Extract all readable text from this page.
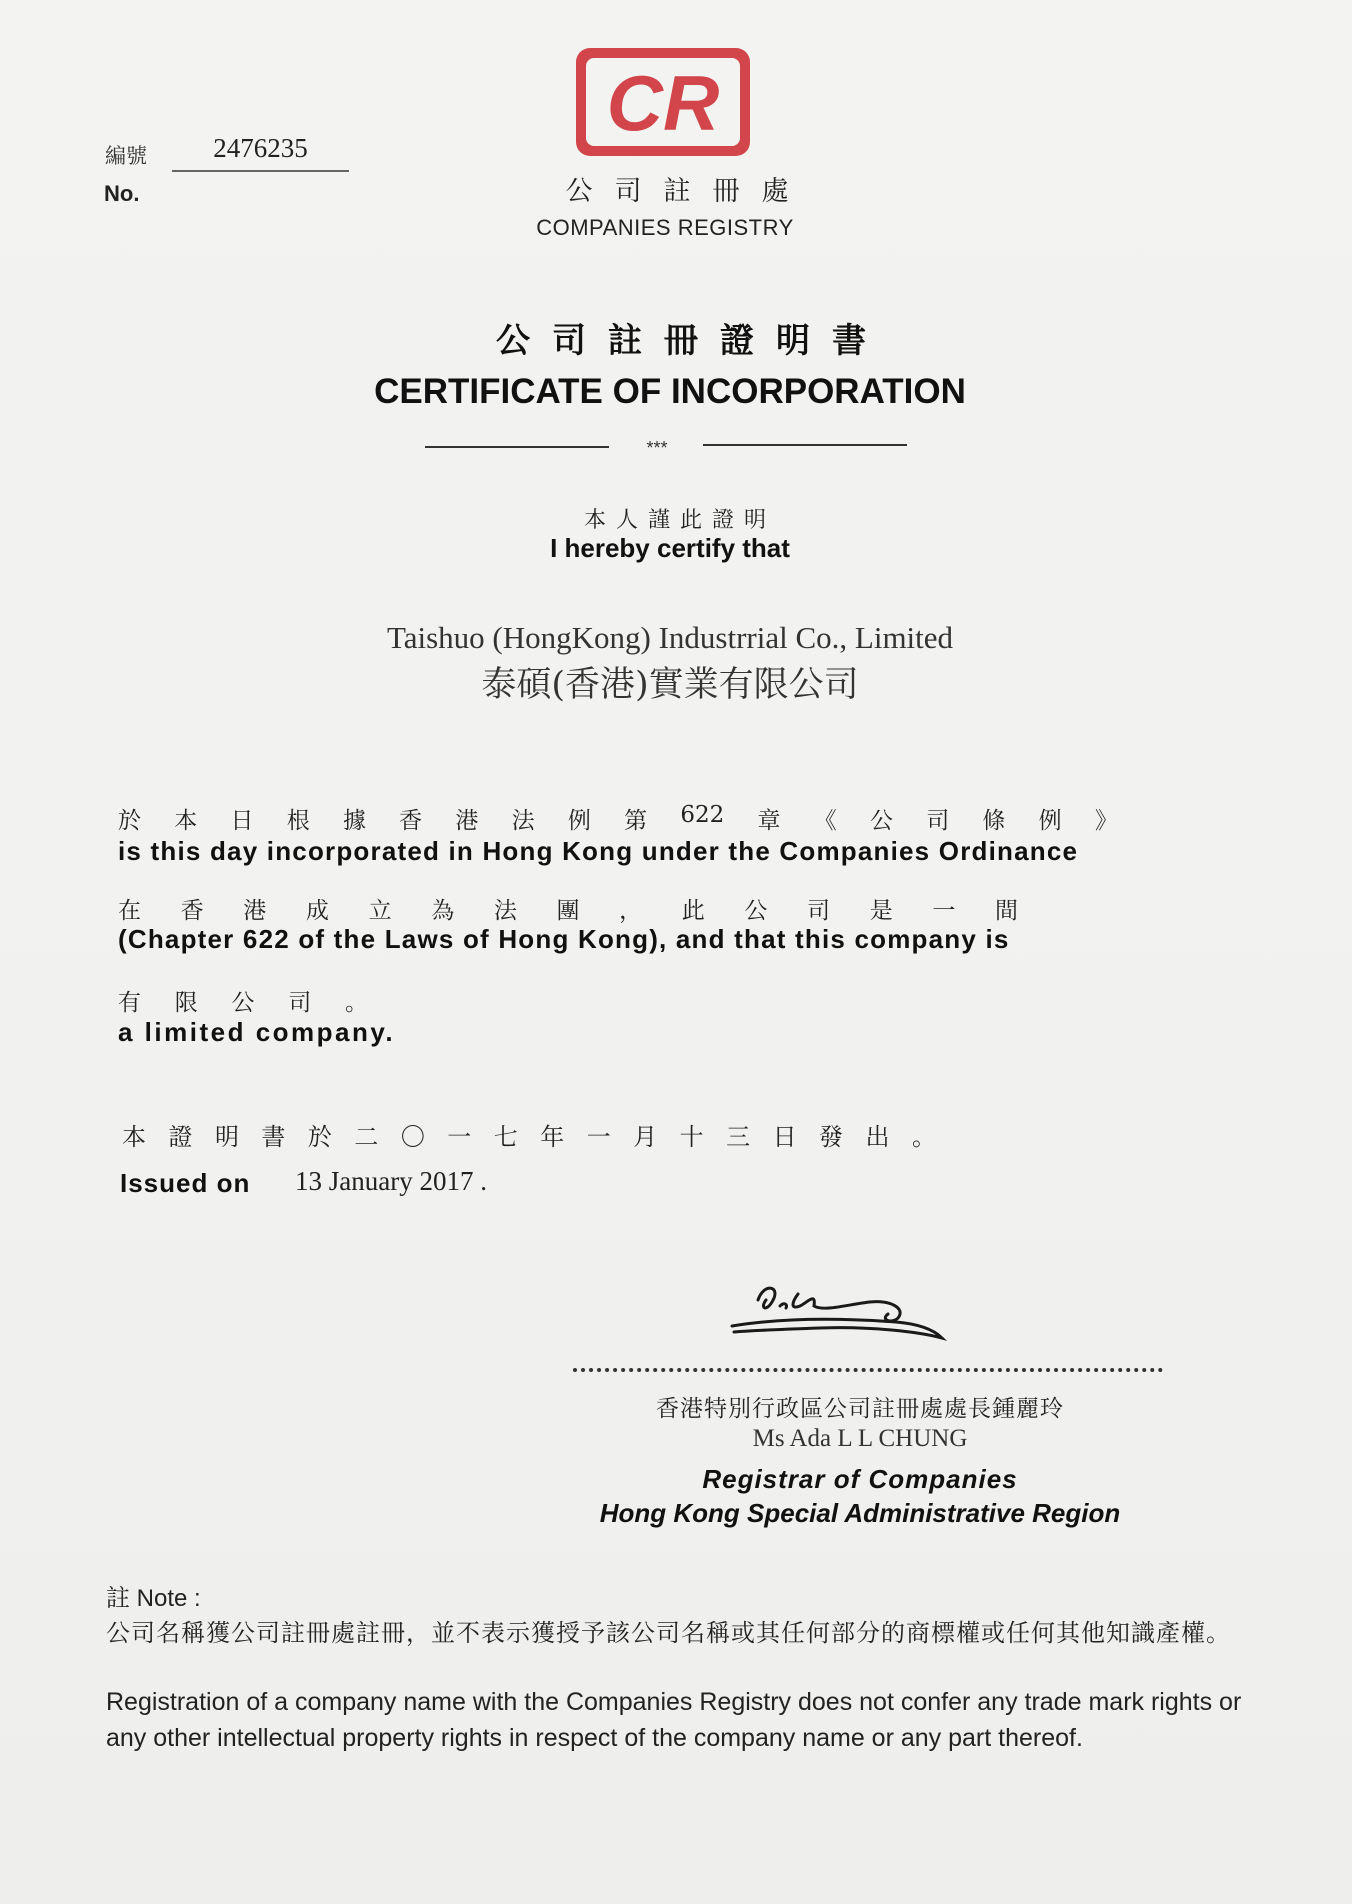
編號	2476235
No.
CR
公司註冊處
COMPANIES REGISTRY
公司註冊證明書
CERTIFICATE OF INCORPORATION
***
本人謹此證明
I hereby certify that
Taishuo (HongKong) Industrrial Co., Limited
泰碩(香港)實業有限公司
於 本 日 根 據 香 港 法 例 第 622 章 《 公 司 條 例 》
is this day incorporated in Hong Kong under the Companies Ordinance
在 香 港 成 立 為 法 團 ， 此 公 司 是 一 間
(Chapter 622 of the Laws of Hong Kong), and that this company is
有 限 公 司 。
a limited company.
本 證 明 書 於 二 〇 一 七 年 一 月 十 三 日 發 出 。
Issued on 13 January 2017 .
香港特別行政區公司註冊處處長鍾麗玲
Ms Ada L L CHUNG
Registrar of Companies
Hong Kong Special Administrative Region
註 Note :
公司名稱獲公司註冊處註冊，並不表示獲授予該公司名稱或其任何部分的商標權或任何其他知識產權。
Registration of a company name with the Companies Registry does not confer any trade mark rights or any other intellectual property rights in respect of the company name or any part thereof.
